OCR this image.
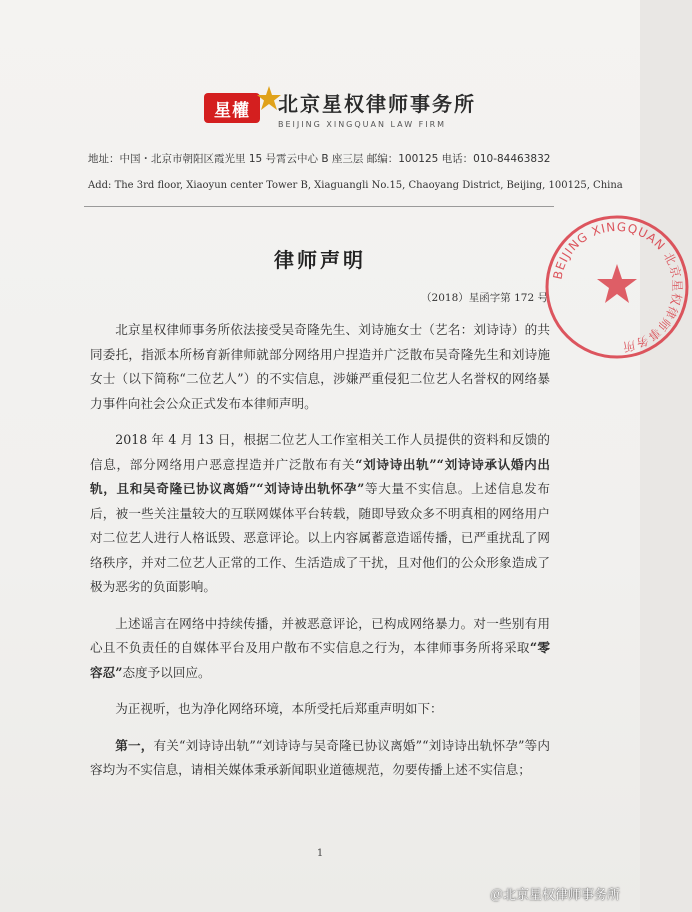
星權 北京星权律师事务所
BEIJING XINGQUAN LAW FIRM
地址：中国・北京市朝阳区霞光里 15 号霄云中心 B 座三层 邮编：100125 电话：010-84463832
Add: The 3rd floor, Xiaoyun center Tower B, Xiaguangli No.15, Chaoyang District, Beijing, 100125, China
律师声明
（2018）星函字第 172 号

北京星权律师事务所依法接受吴奇隆先生、刘诗施女士（艺名：刘诗诗）的共同委托，指派本所杨育新律师就部分网络用户捏造并广泛散布吴奇隆先生和刘诗施女士（以下简称“二位艺人”）的不实信息，涉嫌严重侵犯二位艺人名誉权的网络暴力事件向社会公众正式发布本律师声明。

2018 年 4 月 13 日，根据二位艺人工作室相关工作人员提供的资料和反馈的信息，部分网络用户恶意捏造并广泛散布有关“刘诗诗出轨”“刘诗诗承认婚内出轨，且和吴奇隆已协议离婚”“刘诗诗出轨怀孕”等大量不实信息。上述信息发布后，被一些关注量较大的互联网媒体平台转载，随即导致众多不明真相的网络用户对二位艺人进行人格诋毁、恶意评论。以上内容属蓄意造谣传播，已严重扰乱了网络秩序，并对二位艺人正常的工作、生活造成了干扰，且对他们的公众形象造成了极为恶劣的负面影响。

上述谣言在网络中持续传播，并被恶意评论，已构成网络暴力。对一些别有用心且不负责任的自媒体平台及用户散布不实信息之行为，本律师事务所将采取“零容忍”态度予以回应。

为正视听，也为净化网络环境，本所受托后郑重声明如下：

第一，有关“刘诗诗出轨”“刘诗诗与吴奇隆已协议离婚”“刘诗诗出轨怀孕”等内容均为不实信息，请相关媒体秉承新闻职业道德规范，勿要传播上述不实信息；

1
BEIJING XINGQUAN 北京星权律师事务所
＠北京星权律师事务所
